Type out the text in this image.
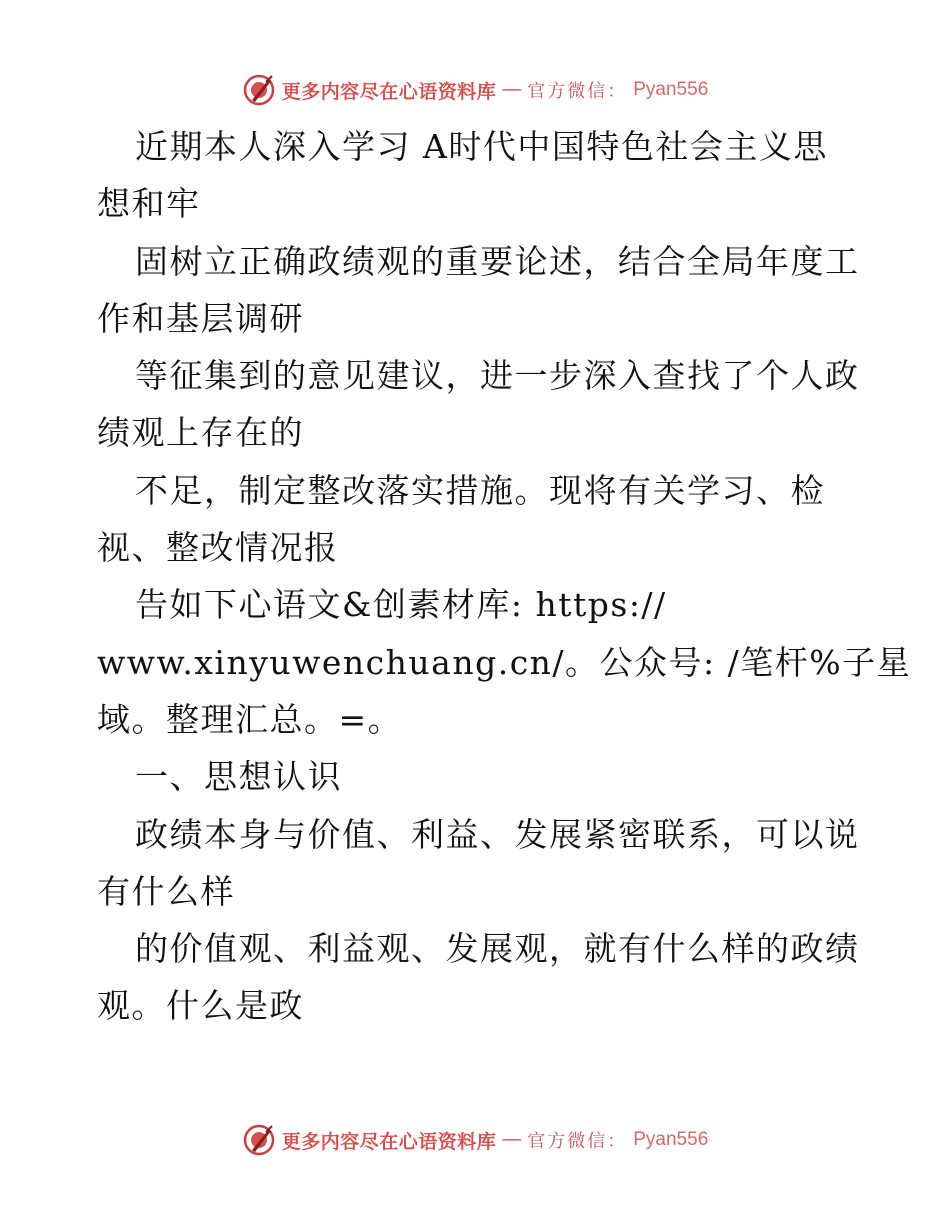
更多内容尽在心语资料库 — 官方微信： Pyan556
近期本人深入学习 A时代中国特色社会主义思
想和牢
固树立正确政绩观的重要论述，结合全局年度工
作和基层调研
等征集到的意见建议，进一步深入查找了个人政
绩观上存在的
不足，制定整改落实措施。现将有关学习、检
视、整改情况报
告如下心语文&创素材库: https://
www.xinyuwenchuang.cn/。公众号: /笔杆%子星
域。整理汇总。=。
一、思想认识
政绩本身与价值、利益、发展紧密联系，可以说
有什么样
的价值观、利益观、发展观，就有什么样的政绩
观。什么是政
更多内容尽在心语资料库 — 官方微信： Pyan556
